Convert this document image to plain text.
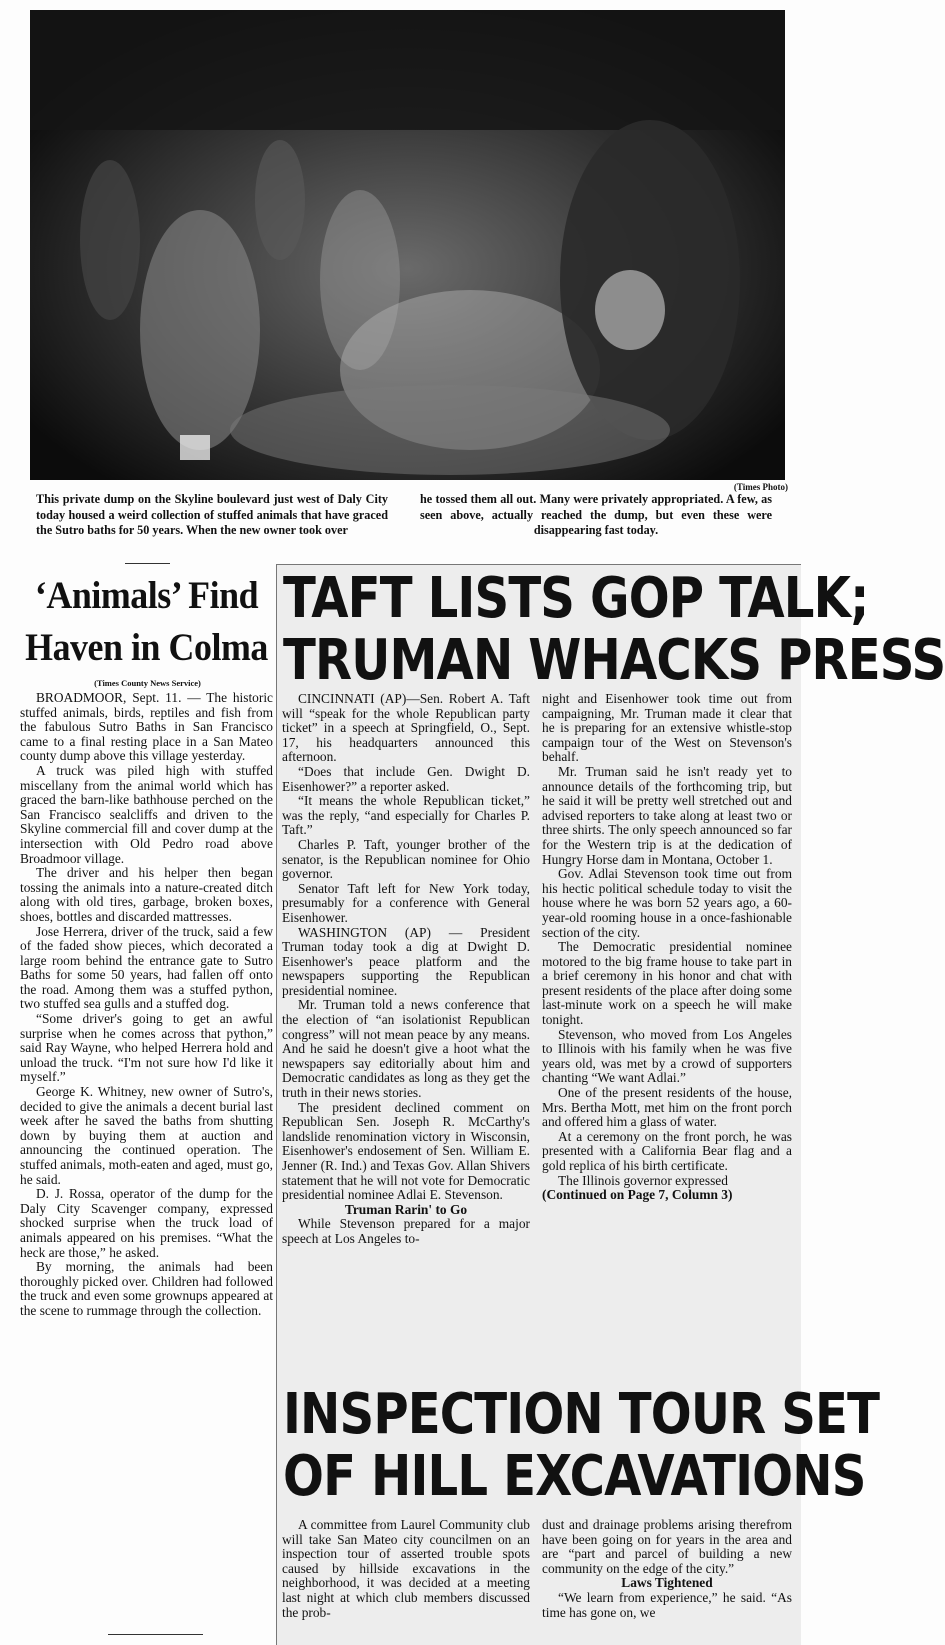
(Times Photo)
This private dump on the Skyline boulevard just west of Daly City today housed a weird collection of stuffed animals that have graced the Sutro baths for 50 years. When the new owner took over
he tossed them all out. Many were privately appropriated. A few, as seen above, actually reached the dump, but even these were disappearing fast today.
‘Animals’ Find
Haven in Colma
(Times County News Service)

BROADMOOR, Sept. 11. — The historic stuffed animals, birds, reptiles and fish from the fabulous Sutro Baths in San Francisco came to a final resting place in a San Mateo county dump above this village yesterday.

A truck was piled high with stuffed miscellany from the animal world which has graced the barn-like bathhouse perched on the San Francisco sealcliffs and driven to the Skyline commercial fill and cover dump at the intersection with Old Pedro road above Broadmoor village.

The driver and his helper then began tossing the animals into a nature-created ditch along with old tires, garbage, broken boxes, shoes, bottles and discarded mattresses.

Jose Herrera, driver of the truck, said a few of the faded show pieces, which decorated a large room behind the entrance gate to Sutro Baths for some 50 years, had fallen off onto the road. Among them was a stuffed python, two stuffed sea gulls and a stuffed dog.

“Some driver's going to get an awful surprise when he comes across that python,” said Ray Wayne, who helped Herrera hold and unload the truck. “I'm not sure how I'd like it myself.”

George K. Whitney, new owner of Sutro's, decided to give the animals a decent burial last week after he saved the baths from shutting down by buying them at auction and announcing the continued operation. The stuffed animals, moth-eaten and aged, must go, he said.

D. J. Rossa, operator of the dump for the Daly City Scavenger company, expressed shocked surprise when the truck load of animals appeared on his premises. “What the heck are those,” he asked.

By morning, the animals had been thoroughly picked over. Children had followed the truck and even some grownups appeared at the scene to rummage through the collection.

TAFT LISTS GOP TALK;
TRUMAN WHACKS PRESS

CINCINNATI (AP)—Sen. Robert A. Taft will “speak for the whole Republican party ticket” in a speech at Springfield, O., Sept. 17, his headquarters announced this afternoon.

“Does that include Gen. Dwight D. Eisenhower?” a reporter asked.

“It means the whole Republican ticket,” was the reply, “and especially for Charles P. Taft.”

Charles P. Taft, younger brother of the senator, is the Republican nominee for Ohio governor.

Senator Taft left for New York today, presumably for a conference with General Eisenhower.

WASHINGTON (AP) — President Truman today took a dig at Dwight D. Eisenhower's peace platform and the newspapers supporting the Republican presidential nominee.

Mr. Truman told a news conference that the election of “an isolationist Republican congress” will not mean peace by any means. And he said he doesn't give a hoot what the newspapers say editorially about him and Democratic candidates as long as they get the truth in their news stories.

The president declined comment on Republican Sen. Joseph R. McCarthy's landslide renomination victory in Wisconsin, Eisenhower's endosement of Sen. William E. Jenner (R. Ind.) and Texas Gov. Allan Shivers statement that he will not vote for Democratic presidential nominee Adlai E. Stevenson.

Truman Rarin' to Go

While Stevenson prepared for a major speech at Los Angeles to-

night and Eisenhower took time out from campaigning, Mr. Truman made it clear that he is preparing for an extensive whistle-stop campaign tour of the West on Stevenson's behalf.

Mr. Truman said he isn't ready yet to announce details of the forthcoming trip, but he said it will be pretty well stretched out and advised reporters to take along at least two or three shirts. The only speech announced so far for the Western trip is at the dedication of Hungry Horse dam in Montana, October 1.

Gov. Adlai Stevenson took time out from his hectic political schedule today to visit the house where he was born 52 years ago, a 60-year-old rooming house in a once-fashionable section of the city.

The Democratic presidential nominee motored to the big frame house to take part in a brief ceremony in his honor and chat with present residents of the place after doing some last-minute work on a speech he will make tonight.

Stevenson, who moved from Los Angeles to Illinois with his family when he was five years old, was met by a crowd of supporters chanting “We want Adlai.”

One of the present residents of the house, Mrs. Bertha Mott, met him on the front porch and offered him a glass of water.

At a ceremony on the front porch, he was presented with a California Bear flag and a gold replica of his birth certificate.

The Illinois governor expressed

(Continued on Page 7, Column 3)

INSPECTION TOUR SET
OF HILL EXCAVATIONS

A committee from Laurel Community club will take San Mateo city councilmen on an inspection tour of asserted trouble spots caused by hillside excavations in the neighborhood, it was decided at a meeting last night at which club members discussed the prob-

dust and drainage problems arising therefrom have been going on for years in the area and are “part and parcel of building a new community on the edge of the city.”

Laws Tightened

“We learn from experience,” he said. “As time has gone on, we
